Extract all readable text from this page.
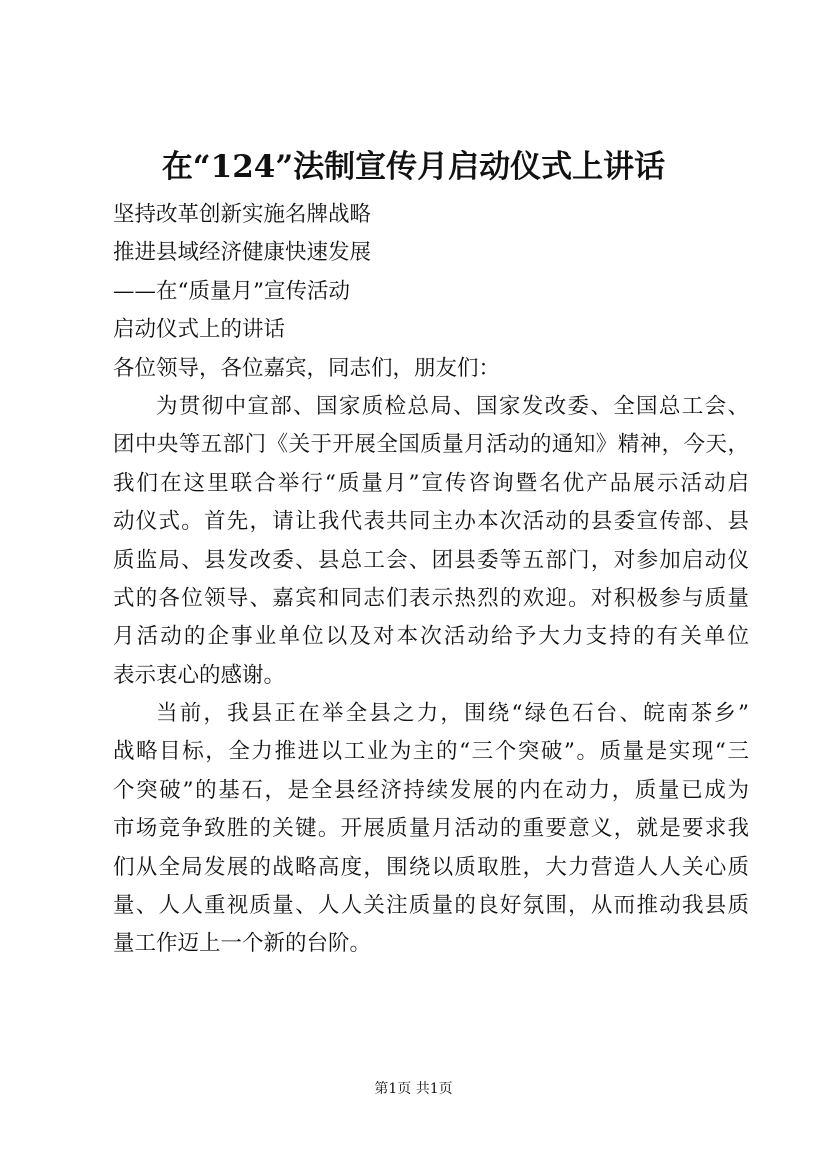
在“124”法制宣传月启动仪式上讲话
坚持改革创新实施名牌战略
推进县域经济健康快速发展
——在“质量月”宣传活动
启动仪式上的讲话
各位领导，各位嘉宾，同志们，朋友们：
为贯彻中宣部、国家质检总局、国家发改委、全国总工会、
团中央等五部门《关于开展全国质量月活动的通知》精神，今天，
我们在这里联合举行“质量月”宣传咨询暨名优产品展示活动启
动仪式。首先，请让我代表共同主办本次活动的县委宣传部、县
质监局、县发改委、县总工会、团县委等五部门，对参加启动仪
式的各位领导、嘉宾和同志们表示热烈的欢迎。对积极参与质量
月活动的企事业单位以及对本次活动给予大力支持的有关单位
表示衷心的感谢。
当前，我县正在举全县之力，围绕“绿色石台、皖南茶乡”
战略目标，全力推进以工业为主的“三个突破”。质量是实现“三
个突破”的基石，是全县经济持续发展的内在动力，质量已成为
市场竞争致胜的关键。开展质量月活动的重要意义，就是要求我
们从全局发展的战略高度，围绕以质取胜，大力营造人人关心质
量、人人重视质量、人人关注质量的良好氛围，从而推动我县质
量工作迈上一个新的台阶。
第1页 共1页
